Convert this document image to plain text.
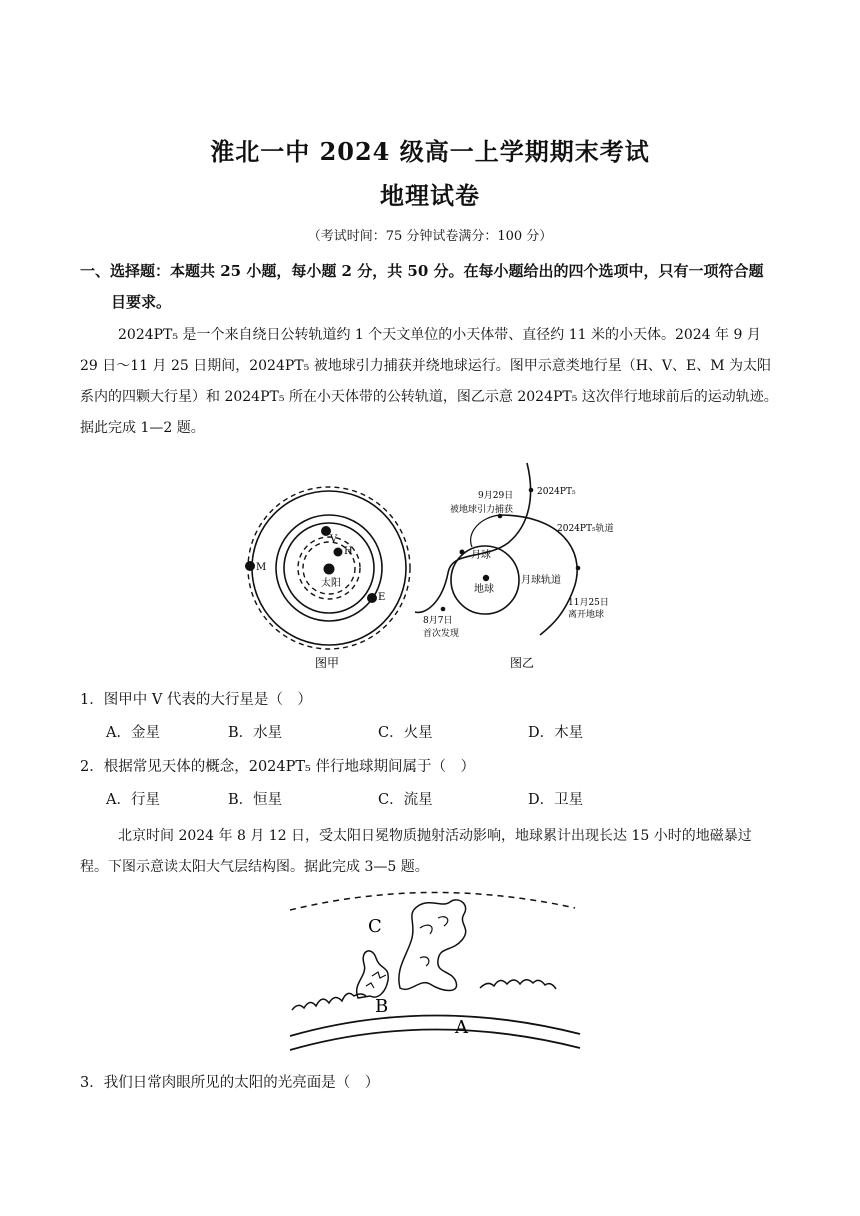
淮北一中 2024 级高一上学期期末考试
地理试卷
（考试时间：75 分钟试卷满分：100 分）
一、选择题：本题共 25 小题，每小题 2 分，共 50 分。在每小题给出的四个选项中，只有一项符合题
目要求。
2024PT₅ 是一个来自绕日公转轨道约 1 个天文单位的小天体带、直径约 11 米的小天体。2024 年 9 月
29 日～11 月 25 日期间，2024PT₅ 被地球引力捕获并绕地球运行。图甲示意类地行星（H、V、E、M 为太阳
系内的四颗大行星）和 2024PT₅ 所在小天体带的公转轨道，图乙示意 2024PT₅ 这次伴行地球前后的运动轨迹。
据此完成 1—2 题。
太阳
V
H
E
M
图甲
地球
月球
月球轨道
2024PT₅
9月29日
被地球引力捕获
2024PT₅轨道
11月25日
离开地球
8月7日
首次发现
图乙
1．图甲中 V 代表的大行星是（　）
A．金星	B．水星	C．火星	D．木星
2．根据常见天体的概念，2024PT₅ 伴行地球期间属于（　）
A．行星	B．恒星	C．流星	D．卫星
北京时间 2024 年 8 月 12 日，受太阳日冕物质抛射活动影响，地球累计出现长达 15 小时的地磁暴过
程。下图示意读太阳大气层结构图。据此完成 3—5 题。
C
B
A
3．我们日常肉眼所见的太阳的光亮面是（　）
